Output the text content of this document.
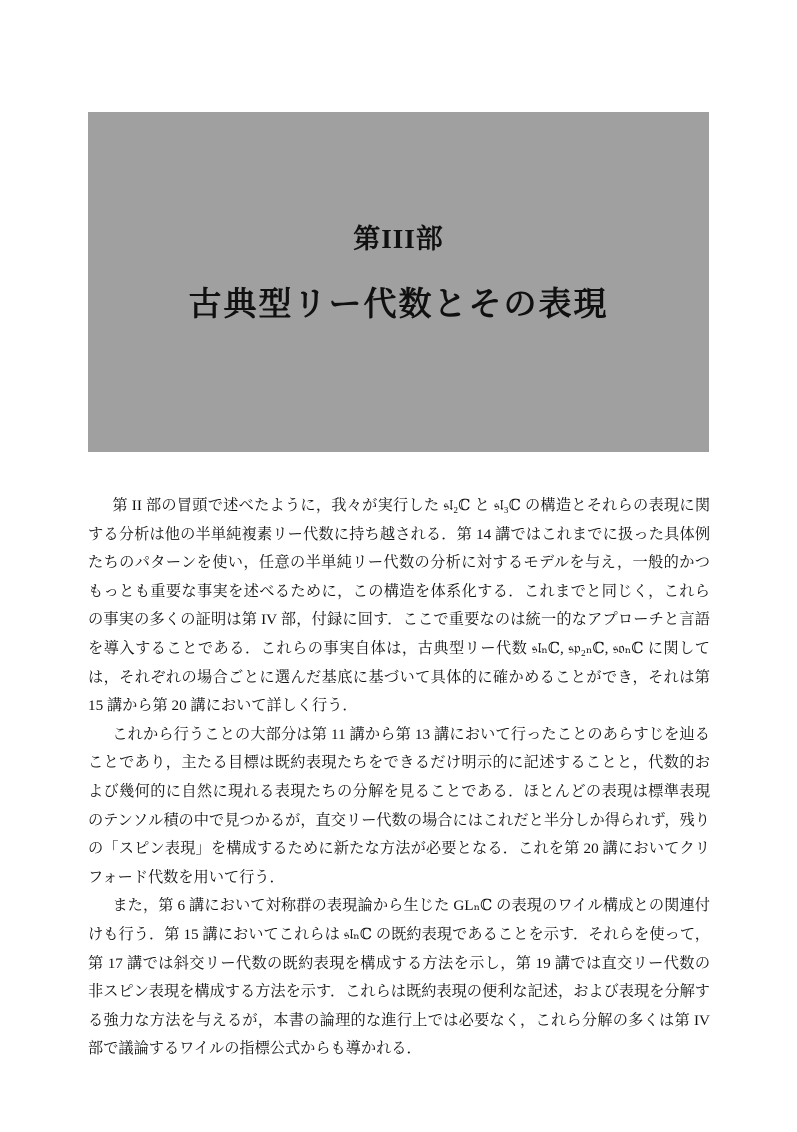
第III部
古典型リー代数とその表現

第 II 部の冒頭で述べたように，我々が実行した 𝔰𝔩₂ℂ と 𝔰𝔩₃ℂ の構造とそれらの表現に関する分析は他の半単純複素リー代数に持ち越される．第 14 講ではこれまでに扱った具体例たちのパターンを使い，任意の半単純リー代数の分析に対するモデルを与え，一般的かつもっとも重要な事実を述べるために，この構造を体系化する．これまでと同じく，これらの事実の多くの証明は第 IV 部，付録に回す．ここで重要なのは統一的なアプローチと言語を導入することである．これらの事実自体は，古典型リー代数 𝔰𝔩ₙℂ, 𝔰𝔭₂ₙℂ, 𝔰𝔬ₙℂ に関しては，それぞれの場合ごとに選んだ基底に基づいて具体的に確かめることができ，それは第 15 講から第 20 講において詳しく行う．

これから行うことの大部分は第 11 講から第 13 講において行ったことのあらすじを辿ることであり，主たる目標は既約表現たちをできるだけ明示的に記述することと，代数的および幾何的に自然に現れる表現たちの分解を見ることである．ほとんどの表現は標準表現のテンソル積の中で見つかるが，直交リー代数の場合にはこれだと半分しか得られず，残りの「スピン表現」を構成するために新たな方法が必要となる．これを第 20 講においてクリフォード代数を用いて行う．

また，第 6 講において対称群の表現論から生じた GLₙℂ の表現のワイル構成との関連付けも行う．第 15 講においてこれらは 𝔰𝔩ₙℂ の既約表現であることを示す．それらを使って，第 17 講では斜交リー代数の既約表現を構成する方法を示し，第 19 講では直交リー代数の非スピン表現を構成する方法を示す．これらは既約表現の便利な記述，および表現を分解する強力な方法を与えるが，本書の論理的な進行上では必要なく，これら分解の多くは第 IV 部で議論するワイルの指標公式からも導かれる．
